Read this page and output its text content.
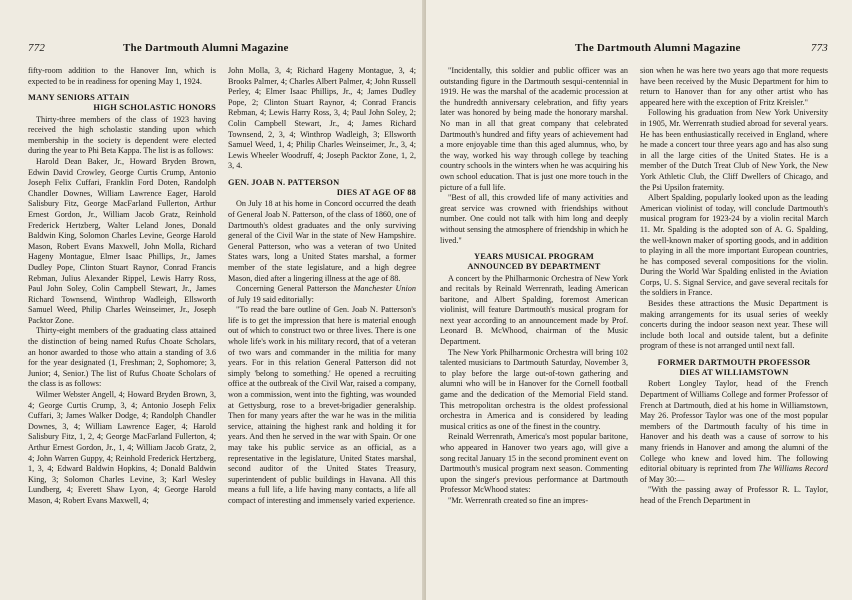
772	The Dartmouth Alumni Magazine

fifty-room addition to the Hanover Inn, which is expected to be in readiness for opening May 1, 1924.

MANY SENIORS ATTAIN
HIGH SCHOLASTIC HONORS

Thirty-three members of the class of 1923 having received the high scholastic standing upon which membership in the society is dependent were elected during the year to Phi Beta Kappa. The list is as follows:

Harold Dean Baker, Jr., Howard Bryden Brown, Edwin David Crowley, George Curtis Crump, Antonio Joseph Felix Cuffari, Franklin Ford Doten, Randolph Chandler Downes, William Lawrence Eager, Harold Salisbury Fitz, George MacFarland Fullerton, Arthur Ernest Gordon, Jr., William Jacob Gratz, Reinhold Frederick Hertzberg, Walter Leland Jones, Donald Baldwin King, Solomon Charles Levine, George Harold Mason, Robert Evans Maxwell, John Molla, Richard Hageny Montague, Elmer Isaac Phillips, Jr., James Dudley Pope, Clinton Stuart Raynor, Conrad Francis Rebman, Julius Alexander Rippel, Lewis Harry Ross, Paul John Soley, Colin Campbell Stewart, Jr., James Richard Townsend, Winthrop Wadleigh, Ellsworth Samuel Weed, Philip Charles Weinseimer, Jr., Joseph Packtor Zone.

Thirty-eight members of the graduating class attained the distinction of being named Rufus Choate Scholars, an honor awarded to those who attain a standing of 3.6 for the year designated (1, Freshman; 2, Sophomore; 3, Junior; 4, Senior.) The list of Rufus Choate Scholars of the class is as follows:

Wilmer Webster Angell, 4; Howard Bryden Brown, 3, 4; George Curtis Crump, 3, 4; Antonio Joseph Felix Cuffari, 3; James Walker Dodge, 4; Randolph Chandler Downes, 3, 4; William Lawrence Eager, 4; Harold Salisbury Fitz, 1, 2, 4; George MacFarland Fullerton, 4; Arthur Ernest Gordon, Jr., 1, 4; William Jacob Gratz, 2, 4; John Warren Guppy, 4; Reinhold Frederick Hertzberg, 1, 3, 4; Edward Baldwin Hopkins, 4; Donald Baldwin King, 3; Solomon Charles Levine, 3; Karl Wesley Lundberg, 4; Everett Shaw Lyon, 4; George Harold Mason, 4; Robert Evans Maxwell, 4;

John Molla, 3, 4; Richard Hageny Montague, 3, 4; Brooks Palmer, 4; Charles Albert Palmer, 4; John Russell Perley, 4; Elmer Isaac Phillips, Jr., 4; James Dudley Pope, 2; Clinton Stuart Raynor, 4; Conrad Francis Rebman, 4; Lewis Harry Ross, 3, 4; Paul John Soley, 2; Colin Campbell Stewart, Jr., 4; James Richard Townsend, 2, 3, 4; Winthrop Wadleigh, 3; Ellsworth Samuel Weed, 1, 4; Philip Charles Weinseimer, Jr., 3, 4; Lewis Wheeler Woodruff, 4; Joseph Packtor Zone, 1, 2, 3, 4.

GEN. JOAB N. PATTERSON
DIES AT AGE OF 88

On July 18 at his home in Concord occurred the death of General Joab N. Patterson, of the class of 1860, one of Dartmouth's oldest graduates and the only surviving general of the Civil War in the state of New Hampshire. General Patterson, who was a veteran of two United States wars, long a United States marshal, a former member of the state legislature, and a high degree Mason, died after a lingering illness at the age of 88.

Concerning General Patterson the Manchester Union of July 19 said editorially:

"To read the bare outline of Gen. Joab N. Patterson's life is to get the impression that here is material enough out of which to construct two or three lives. There is one whole life's work in his military record, that of a veteran of two wars and commander in the militia for many years. For in this relation General Patterson did not simply 'belong to something.' He opened a recruiting office at the outbreak of the Civil War, raised a company, won a commission, went into the fighting, was wounded at Gettysburg, rose to a brevet-brigadier generalship. Then for many years after the war he was in the militia service, attaining the highest rank and holding it for years. And then he served in the war with Spain. Or one may take his public service as an official, as a representative in the legislature, United States marshal, second auditor of the United States Treasury, superintendent of public buildings in Havana. All this means a full life, a life having many contacts, a life all compact of interesting and immensely varied experience.

The Dartmouth Alumni Magazine	773

"Incidentally, this soldier and public officer was an outstanding figure in the Dartmouth sesqui-centennial in 1919. He was the marshal of the academic procession at the hundredth anniversary celebration, and fifty years later was honored by being made the honorary marshal. No man in all that great company that celebrated Dartmouth's hundred and fifty years of achievement had a more enjoyable time than this aged alumnus, who, by the way, worked his way through college by teaching country schools in the winters when he was acquiring his own school education. That is just one more touch in the picture of a full life.

"Best of all, this crowded life of many activities and great service was crowned with friendships without number. One could not talk with him long and deeply without sensing the atmosphere of friendship in which he lived."

YEARS MUSICAL PROGRAM
ANNOUNCED BY DEPARTMENT

A concert by the Philharmonic Orchestra of New York and recitals by Reinald Werrenrath, leading American baritone, and Albert Spalding, foremost American violinist, will feature Dartmouth's musical program for next year according to an announcement made by Prof. Leonard B. McWhood, chairman of the Music Department.

The New York Philharmonic Orchestra will bring 102 talented musicians to Dartmouth Saturday, November 3, to play before the large out-of-town gathering and alumni who will be in Hanover for the Cornell football game and the dedication of the Memorial Field stand. This metropolitan orchestra is the oldest professional orchestra in America and is considered by leading musical critics as one of the finest in the country.

Reinald Werrenrath, America's most popular baritone, who appeared in Hanover two years ago, will give a song recital January 15 in the second prominent event on Dartmouth's musical program next season. Commenting upon the singer's previous performance at Dartmouth Professor McWhood states:

"Mr. Werrenrath created so fine an impres-

sion when he was here two years ago that more requests have been received by the Music Department for him to return to Hanover than for any other artist who has appeared here with the exception of Fritz Kreisler."

Following his graduation from New York University in 1905, Mr. Werrenrath studied abroad for several years. He has been enthusiastically received in England, where he made a concert tour three years ago and has also sung in all the large cities of the United States. He is a member of the Dutch Treat Club of New York, the New York Athletic Club, the Cliff Dwellers of Chicago, and the Psi Upsilon fraternity.

Albert Spalding, popularly looked upon as the leading American violinist of today, will conclude Dartmouth's musical program for 1923-24 by a violin recital March 11. Mr. Spalding is the adopted son of A. G. Spalding, the well-known maker of sporting goods, and in addition to playing in all the more important European countries, he has composed several compositions for the violin. During the World War Spalding enlisted in the Aviation Corps, U. S. Signal Service, and gave several recitals for the soldiers in France.

Besides these attractions the Music Department is making arrangements for its usual series of weekly concerts during the indoor season next year. These will include both local and outside talent, but a definite program of these is not arranged until next fall.

FORMER DARTMOUTH PROFESSOR
DIES AT WILLIAMSTOWN

Robert Longley Taylor, head of the French Department of Williams College and former Professor of French at Dartmouth, died at his home in Williamstown, May 26. Professor Taylor was one of the most popular members of the Dartmouth faculty of his time in Hanover and his death was a cause of sorrow to his many friends in Hanover and among the alumni of the College who knew and loved him. The following editorial obituary is reprinted from The Williams Record of May 30:—

"With the passing away of Professor R. L. Taylor, head of the French Department in
